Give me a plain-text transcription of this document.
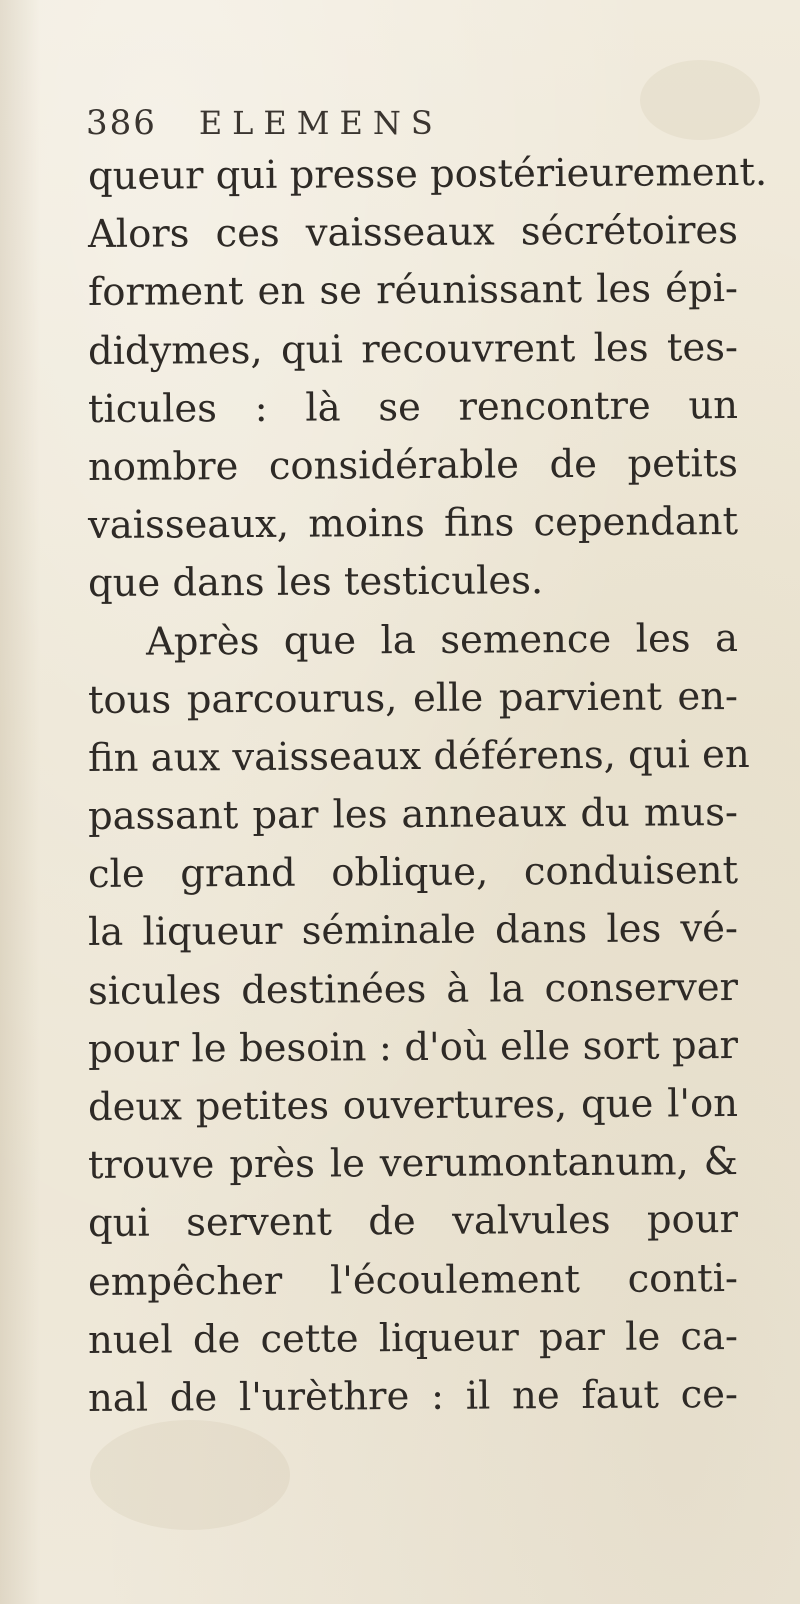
386 ELEMENS
queur qui presse postérieurement.
Alors ces vaisseaux sécrétoires
forment en se réunissant les épi-
didymes, qui recouvrent les tes-
ticules : là se rencontre un
nombre considérable de petits
vaisseaux, moins fins cependant
que dans les testicules.
Après que la semence les a
tous parcourus, elle parvient en-
fin aux vaisseaux déférens, qui en
passant par les anneaux du mus-
cle grand oblique, conduisent
la liqueur séminale dans les vé-
sicules destinées à la conserver
pour le besoin : d'où elle sort par
deux petites ouvertures, que l'on
trouve près le verumontanum, &
qui servent de valvules pour
empêcher l'écoulement conti-
nuel de cette liqueur par le ca-
nal de l'urèthre : il ne faut ce-
